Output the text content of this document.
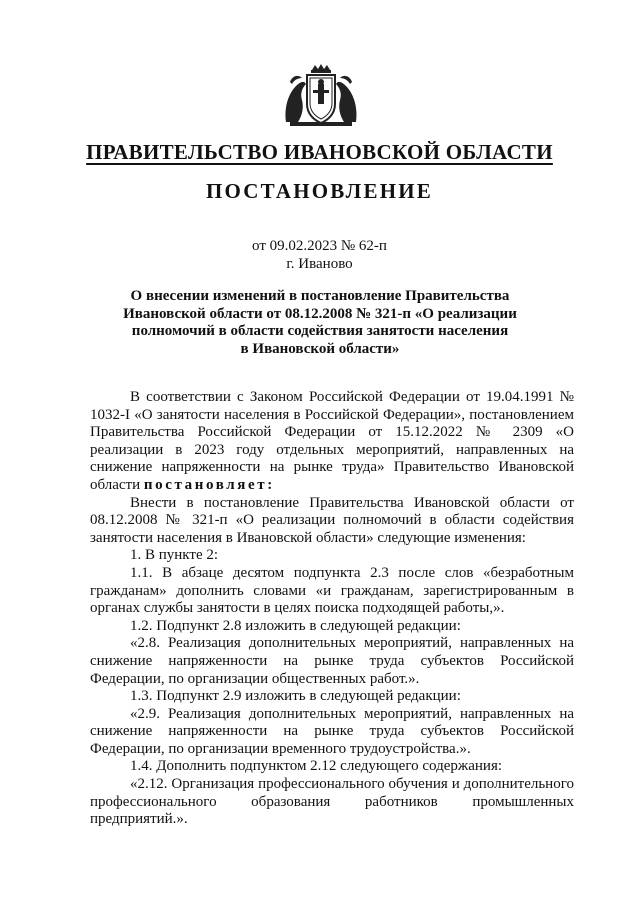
ПРАВИТЕЛЬСТВО ИВАНОВСКОЙ ОБЛАСТИ
ПОСТАНОВЛЕНИЕ
от 09.02.2023 № 62-п
г. Иваново
О внесении изменений в постановление Правительства
Ивановской области от 08.12.2008 № 321-п «О реализации
полномочий в области содействия занятости населения
в Ивановской области»

В соответствии с Законом Российской Федерации от 19.04.1991 № 1032-I «О занятости населения в Российской Федерации», постановлением Правительства Российской Федерации от 15.12.2022 № 2309 «О реализации в 2023 году отдельных мероприятий, направленных на снижение напряженности на рынке труда» Правительство Ивановской области постановляет:

Внести в постановление Правительства Ивановской области от 08.12.2008 № 321-п «О реализации полномочий в области содействия занятости населения в Ивановской области» следующие изменения:

1. В пункте 2:

1.1. В абзаце десятом подпункта 2.3 после слов «безработным гражданам» дополнить словами «и гражданам, зарегистрированным в органах службы занятости в целях поиска подходящей работы,».

1.2. Подпункт 2.8 изложить в следующей редакции:

«2.8. Реализация дополнительных мероприятий, направленных на снижение напряженности на рынке труда субъектов Российской Федерации, по организации общественных работ.».

1.3. Подпункт 2.9 изложить в следующей редакции:

«2.9. Реализация дополнительных мероприятий, направленных на снижение напряженности на рынке труда субъектов Российской Федерации, по организации временного трудоустройства.».

1.4. Дополнить подпунктом 2.12 следующего содержания:

«2.12. Организация профессионального обучения и дополнительного профессионального образования работников промышленных предприятий.».
